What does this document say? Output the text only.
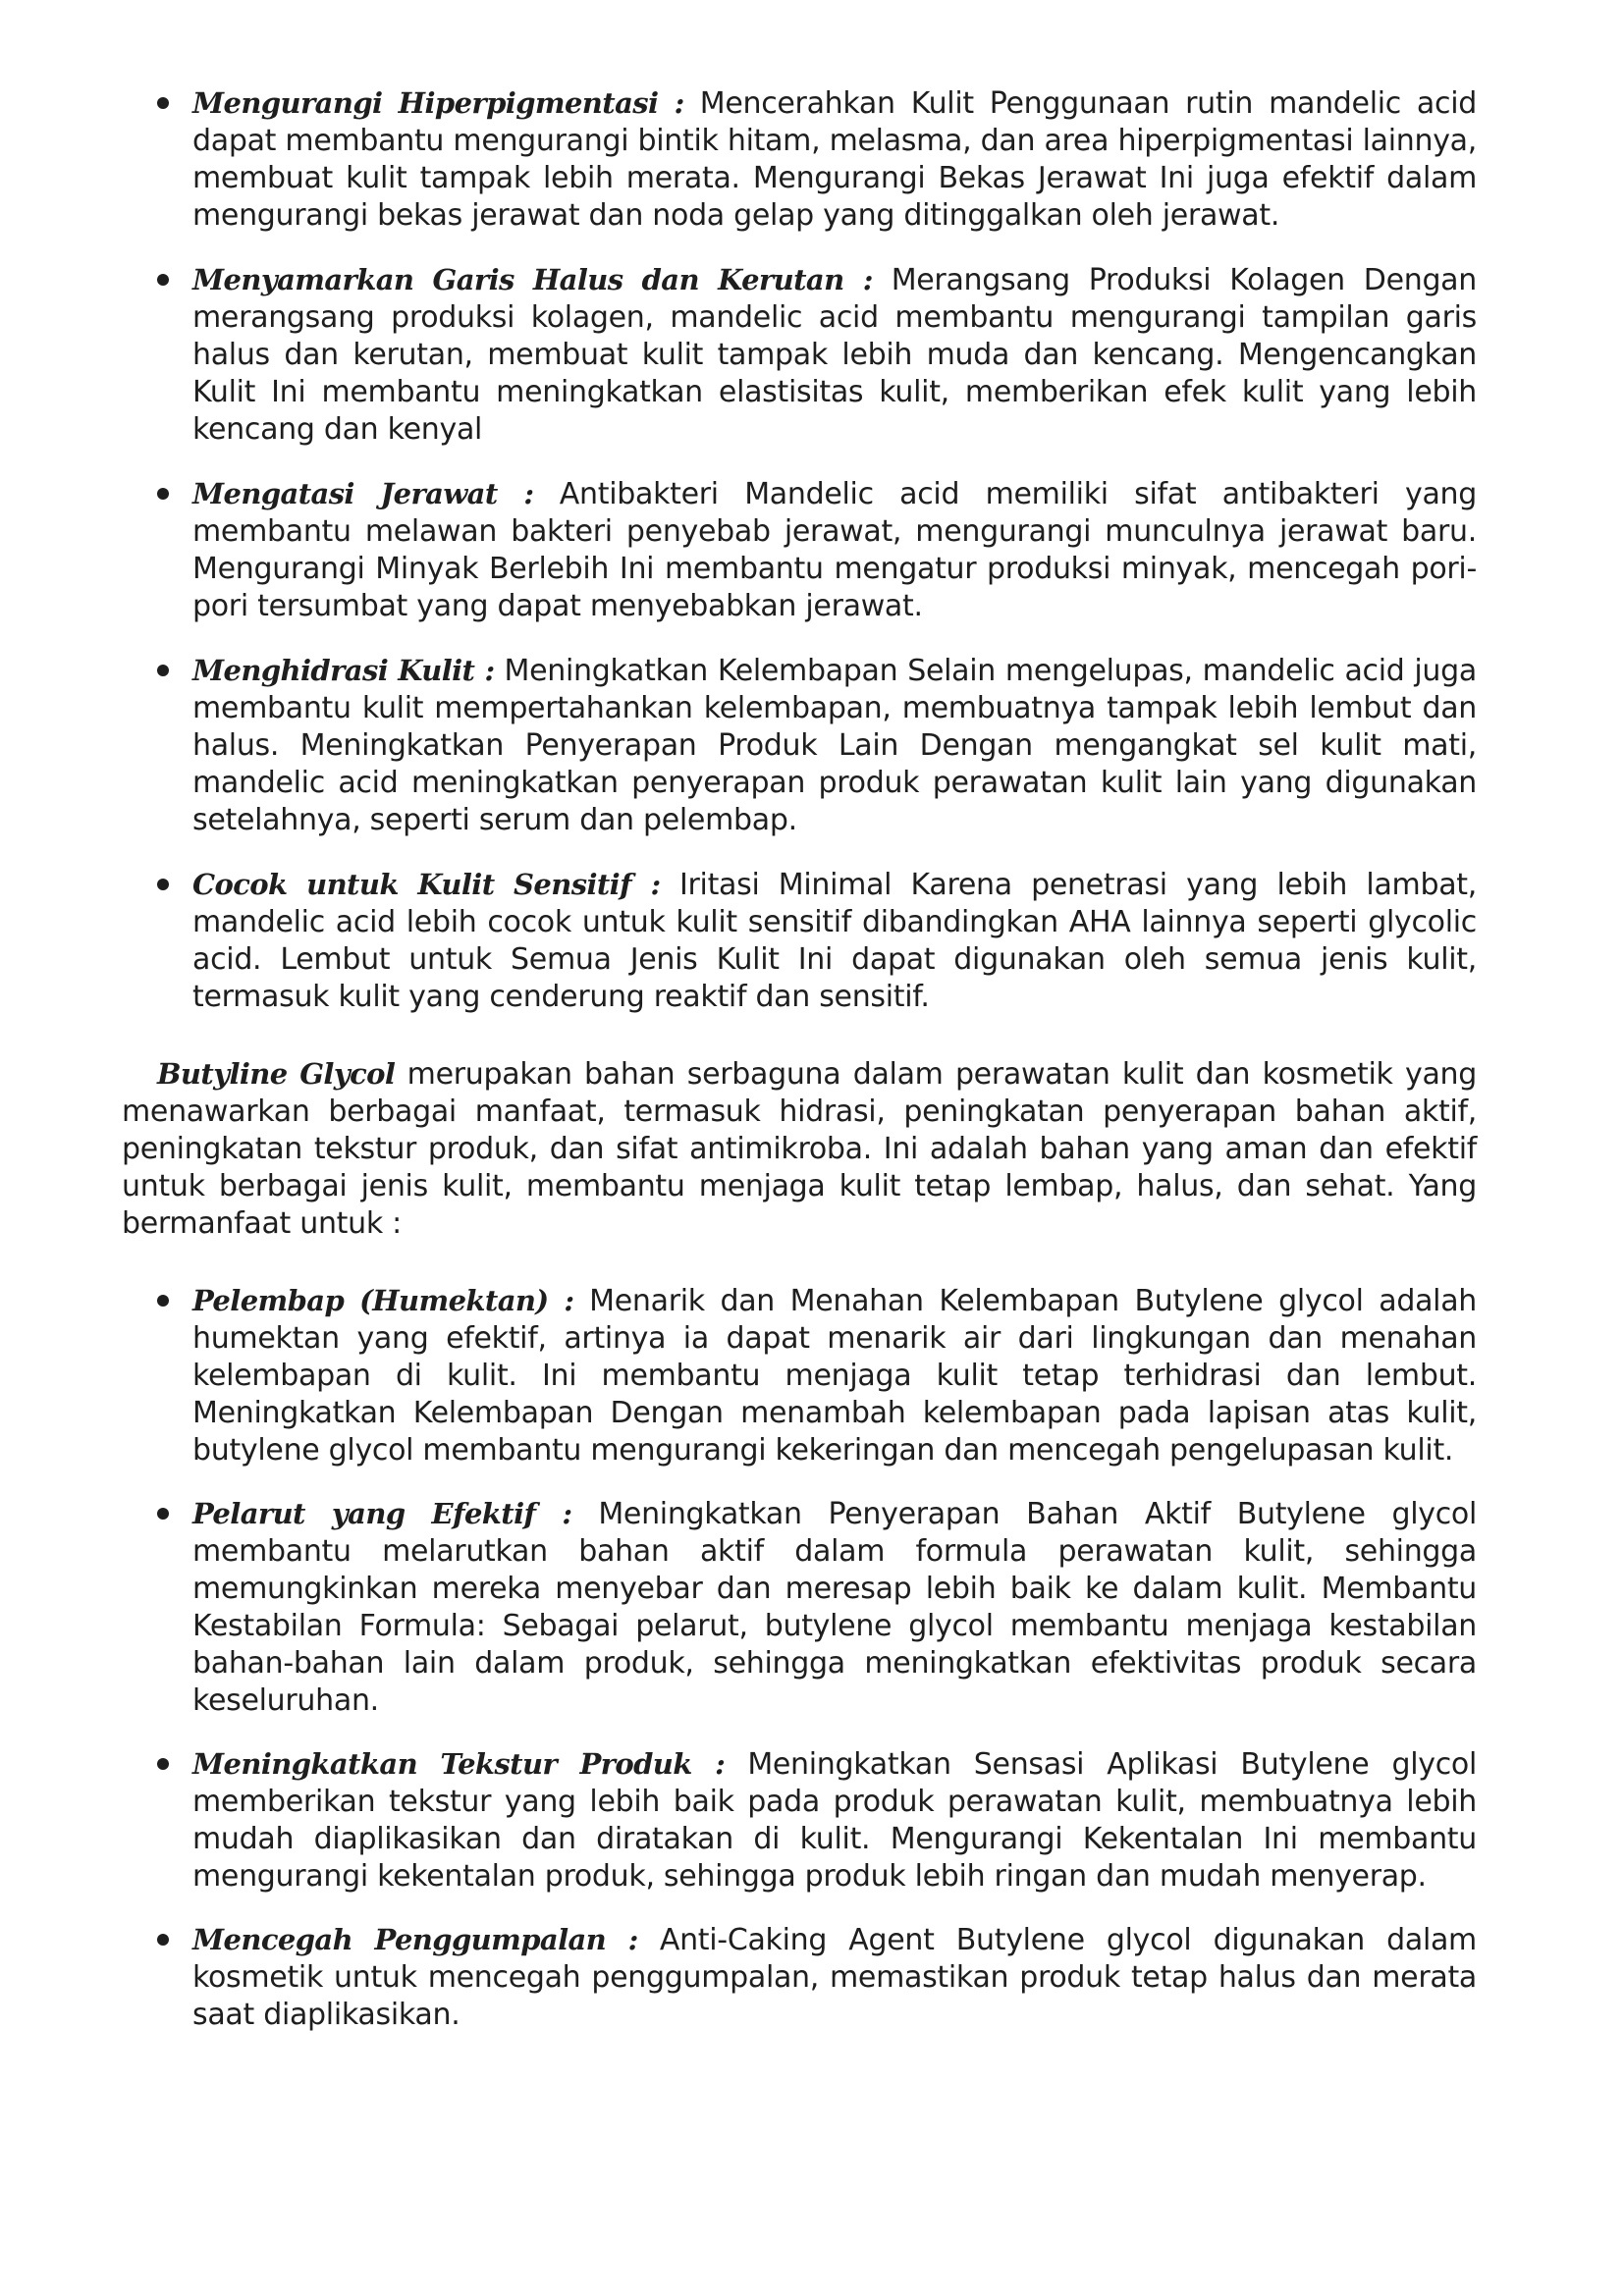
Mengurangi Hiperpigmentasi : Mencerahkan Kulit Penggunaan rutin mandelic acid dapat membantu mengurangi bintik hitam, melasma, dan area hiperpigmentasi lainnya, membuat kulit tampak lebih merata. Mengurangi Bekas Jerawat Ini juga efektif dalam mengurangi bekas jerawat dan noda gelap yang ditinggalkan oleh jerawat.
Menyamarkan Garis Halus dan Kerutan : Merangsang Produksi Kolagen Dengan merangsang produksi kolagen, mandelic acid membantu mengurangi tampilan garis halus dan kerutan, membuat kulit tampak lebih muda dan kencang. Mengencangkan Kulit Ini membantu meningkatkan elastisitas kulit, memberikan efek kulit yang lebih kencang dan kenyal
Mengatasi Jerawat : Antibakteri Mandelic acid memiliki sifat antibakteri yang membantu melawan bakteri penyebab jerawat, mengurangi munculnya jerawat baru. Mengurangi Minyak Berlebih Ini membantu mengatur produksi minyak, mencegah pori-pori tersumbat yang dapat menyebabkan jerawat.
Menghidrasi Kulit : Meningkatkan Kelembapan Selain mengelupas, mandelic acid juga membantu kulit mempertahankan kelembapan, membuatnya tampak lebih lembut dan halus. Meningkatkan Penyerapan Produk Lain Dengan mengangkat sel kulit mati, mandelic acid meningkatkan penyerapan produk perawatan kulit lain yang digunakan setelahnya, seperti serum dan pelembap.
Cocok untuk Kulit Sensitif : Iritasi Minimal Karena penetrasi yang lebih lambat, mandelic acid lebih cocok untuk kulit sensitif dibandingkan AHA lainnya seperti glycolic acid. Lembut untuk Semua Jenis Kulit Ini dapat digunakan oleh semua jenis kulit, termasuk kulit yang cenderung reaktif dan sensitif.

Butyline Glycol merupakan bahan serbaguna dalam perawatan kulit dan kosmetik yang menawarkan berbagai manfaat, termasuk hidrasi, peningkatan penyerapan bahan aktif, peningkatan tekstur produk, dan sifat antimikroba. Ini adalah bahan yang aman dan efektif untuk berbagai jenis kulit, membantu menjaga kulit tetap lembap, halus, dan sehat. Yang bermanfaat untuk :

Pelembap (Humektan) : Menarik dan Menahan Kelembapan Butylene glycol adalah humektan yang efektif, artinya ia dapat menarik air dari lingkungan dan menahan kelembapan di kulit. Ini membantu menjaga kulit tetap terhidrasi dan lembut. Meningkatkan Kelembapan Dengan menambah kelembapan pada lapisan atas kulit, butylene glycol membantu mengurangi kekeringan dan mencegah pengelupasan kulit.
Pelarut yang Efektif : Meningkatkan Penyerapan Bahan Aktif Butylene glycol membantu melarutkan bahan aktif dalam formula perawatan kulit, sehingga memungkinkan mereka menyebar dan meresap lebih baik ke dalam kulit. Membantu Kestabilan Formula: Sebagai pelarut, butylene glycol membantu menjaga kestabilan bahan-bahan lain dalam produk, sehingga meningkatkan efektivitas produk secara keseluruhan.
Meningkatkan Tekstur Produk : Meningkatkan Sensasi Aplikasi Butylene glycol memberikan tekstur yang lebih baik pada produk perawatan kulit, membuatnya lebih mudah diaplikasikan dan diratakan di kulit. Mengurangi Kekentalan Ini membantu mengurangi kekentalan produk, sehingga produk lebih ringan dan mudah menyerap.
Mencegah Penggumpalan : Anti-Caking Agent Butylene glycol digunakan dalam kosmetik untuk mencegah penggumpalan, memastikan produk tetap halus dan merata saat diaplikasikan.
